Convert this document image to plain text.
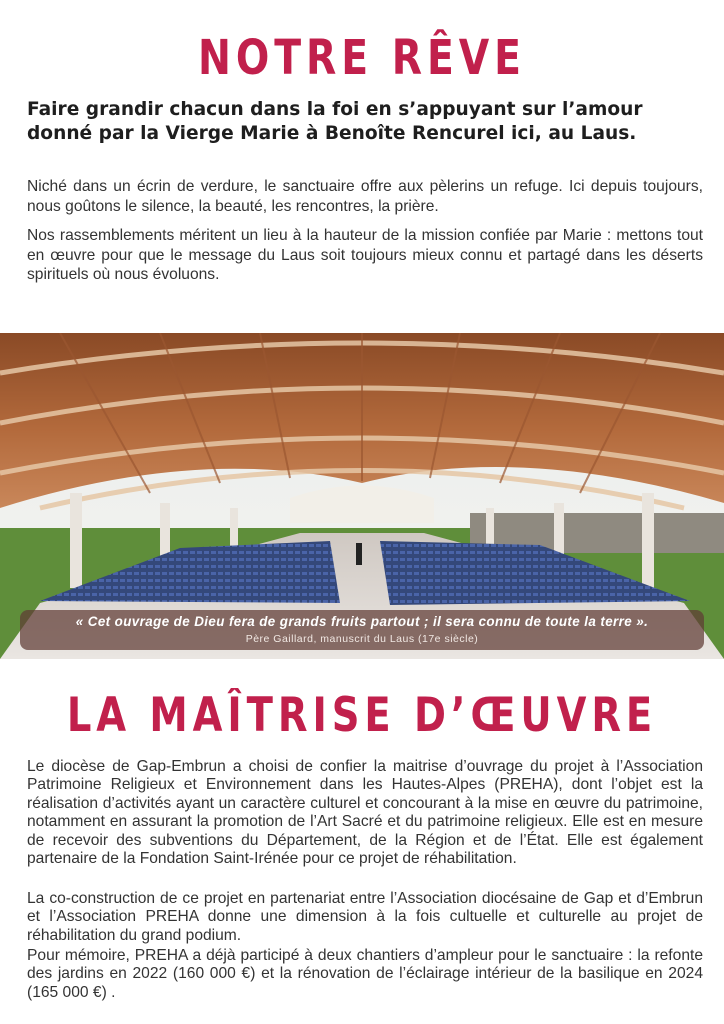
NOTRE RÊVE

Faire grandir chacun dans la foi en s’appuyant sur l’amour donné par la Vierge Marie à Benoîte Rencurel ici, au Laus.

Niché dans un écrin de verdure, le sanctuaire offre aux pèlerins un refuge. Ici depuis toujours, nous goûtons le silence, la beauté, les rencontres, la prière.

Nos rassemblements méritent un lieu à la hauteur de la mission confiée par Marie : mettons tout en œuvre pour que le message du Laus soit toujours mieux connu et partagé dans les déserts spirituels où nous évoluons.

« Cet ouvrage de Dieu fera de grands fruits partout ; il sera connu de toute la terre ».

Père Gaillard, manuscrit du Laus (17e siècle)

LA MAÎTRISE D’ŒUVRE

Le diocèse de Gap-Embrun a choisi de confier la maitrise d’ouvrage du projet à l’Association Patrimoine Religieux et Environnement dans les Hautes-Alpes (PREHA), dont l’objet est la réalisation d’activités ayant un caractère culturel et concourant à la mise en œuvre du patrimoine, notamment en assurant la promotion de l’Art Sacré et du patrimoine religieux. Elle est en mesure de recevoir des subventions du Département, de la Région et de l’État. Elle est également partenaire de la Fondation Saint-Irénée pour ce projet de réhabilitation.

La co-construction de ce projet en partenariat entre l’Association diocésaine de Gap et d’Embrun et l’Association PREHA donne une dimension à la fois cultuelle et culturelle au projet de réhabilitation du grand podium.

Pour mémoire, PREHA a déjà participé à deux chantiers d’ampleur pour le sanctuaire : la refonte des jardins en 2022 (160 000 €) et la rénovation de l’éclairage intérieur de la basilique en 2024 (165 000 €) .
